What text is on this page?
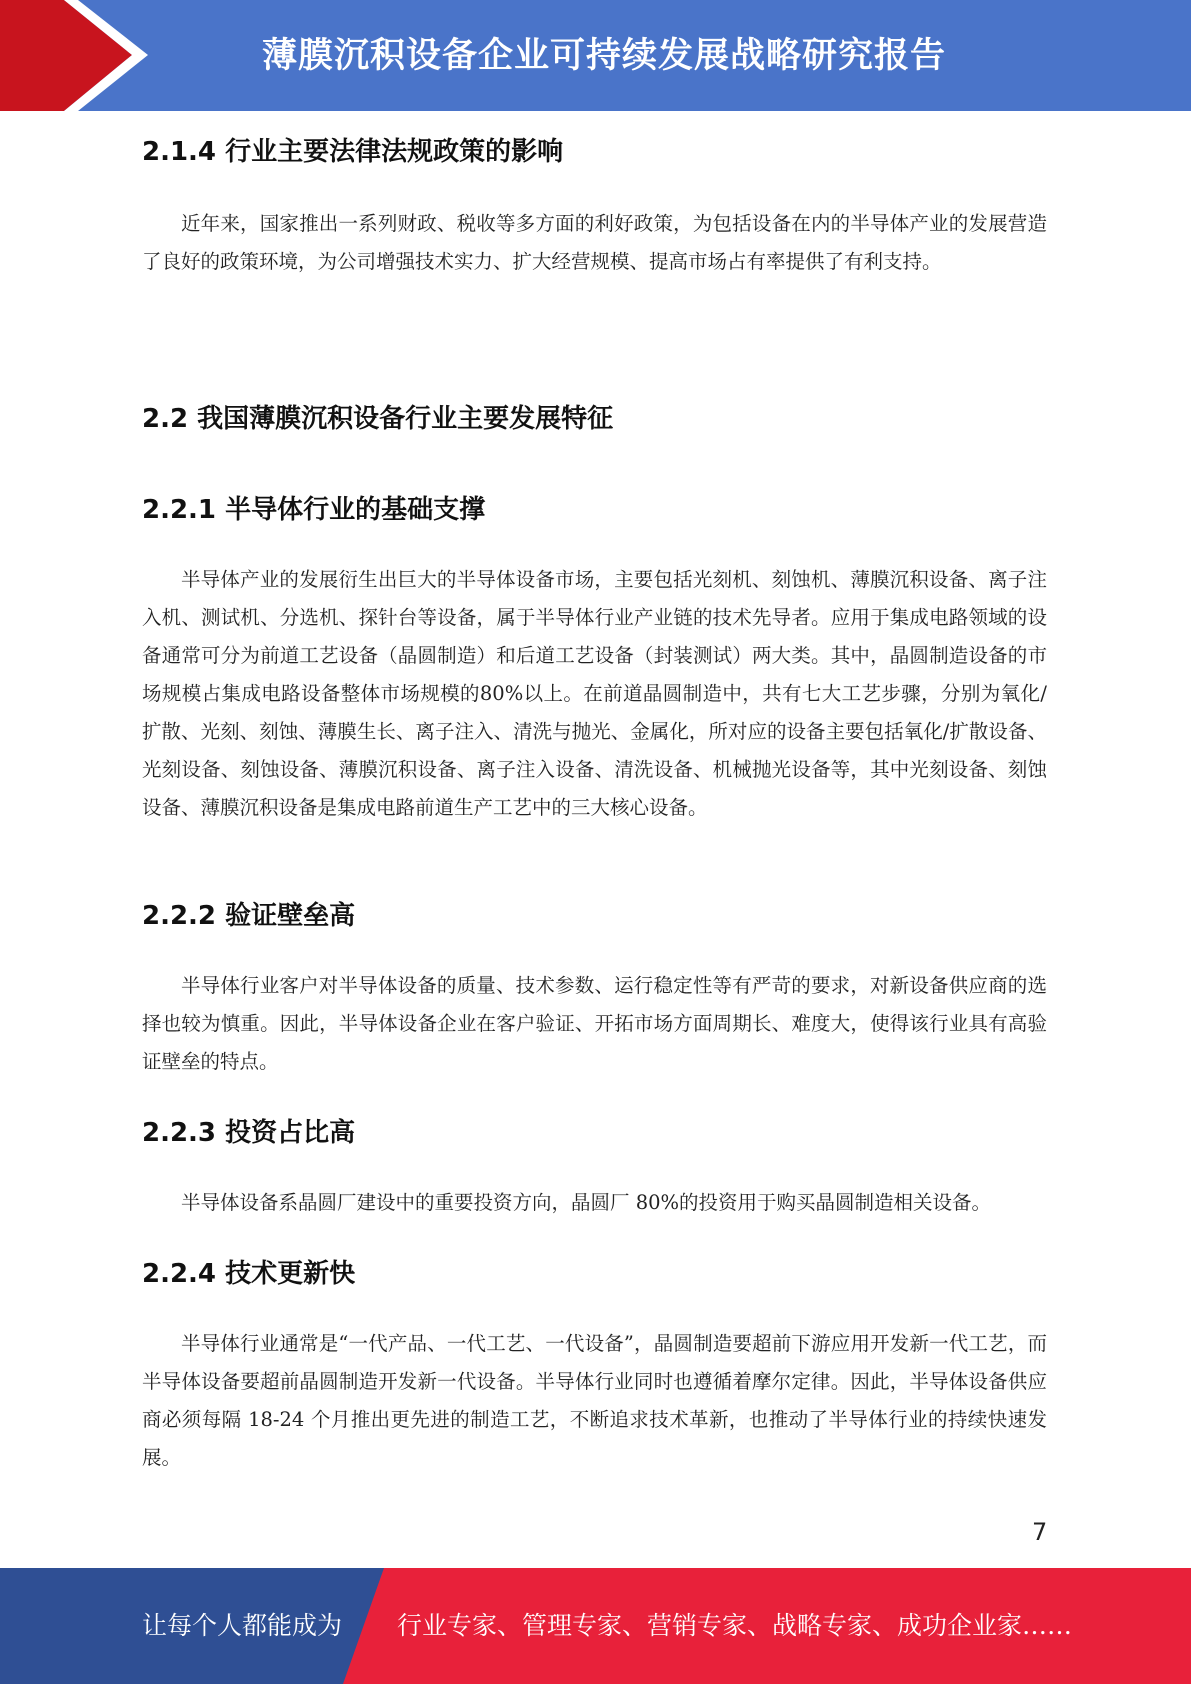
薄膜沉积设备企业可持续发展战略研究报告
2.1.4 行业主要法律法规政策的影响

近年来，国家推出一系列财政、税收等多方面的利好政策，为包括设备在内的半导体产业的发展营造了良好的政策环境，为公司增强技术实力、扩大经营规模、提高市场占有率提供了有利支持。

2.2 我国薄膜沉积设备行业主要发展特征
2.2.1 半导体行业的基础支撑

半导体产业的发展衍生出巨大的半导体设备市场，主要包括光刻机、刻蚀机、薄膜沉积设备、离子注入机、测试机、分选机、探针台等设备，属于半导体行业产业链的技术先导者。应用于集成电路领域的设备通常可分为前道工艺设备（晶圆制造）和后道工艺设备（封装测试）两大类。其中，晶圆制造设备的市场规模占集成电路设备整体市场规模的80%以上。在前道晶圆制造中，共有七大工艺步骤，分别为氧化/扩散、光刻、刻蚀、薄膜生长、离子注入、清洗与抛光、金属化，所对应的设备主要包括氧化/扩散设备、光刻设备、刻蚀设备、薄膜沉积设备、离子注入设备、清洗设备、机械抛光设备等，其中光刻设备、刻蚀设备、薄膜沉积设备是集成电路前道生产工艺中的三大核心设备。

2.2.2 验证壁垒高

半导体行业客户对半导体设备的质量、技术参数、运行稳定性等有严苛的要求，对新设备供应商的选择也较为慎重。因此，半导体设备企业在客户验证、开拓市场方面周期长、难度大，使得该行业具有高验证壁垒的特点。

2.2.3 投资占比高

半导体设备系晶圆厂建设中的重要投资方向，晶圆厂 80%的投资用于购买晶圆制造相关设备。

2.2.4 技术更新快

半导体行业通常是“一代产品、一代工艺、一代设备”，晶圆制造要超前下游应用开发新一代工艺，而半导体设备要超前晶圆制造开发新一代设备。半导体行业同时也遵循着摩尔定律。因此，半导体设备供应商必须每隔 18-24 个月推出更先进的制造工艺，不断追求技术革新，也推动了半导体行业的持续快速发展。

7
让每个人都能成为 行业专家、管理专家、营销专家、战略专家、成功企业家……
